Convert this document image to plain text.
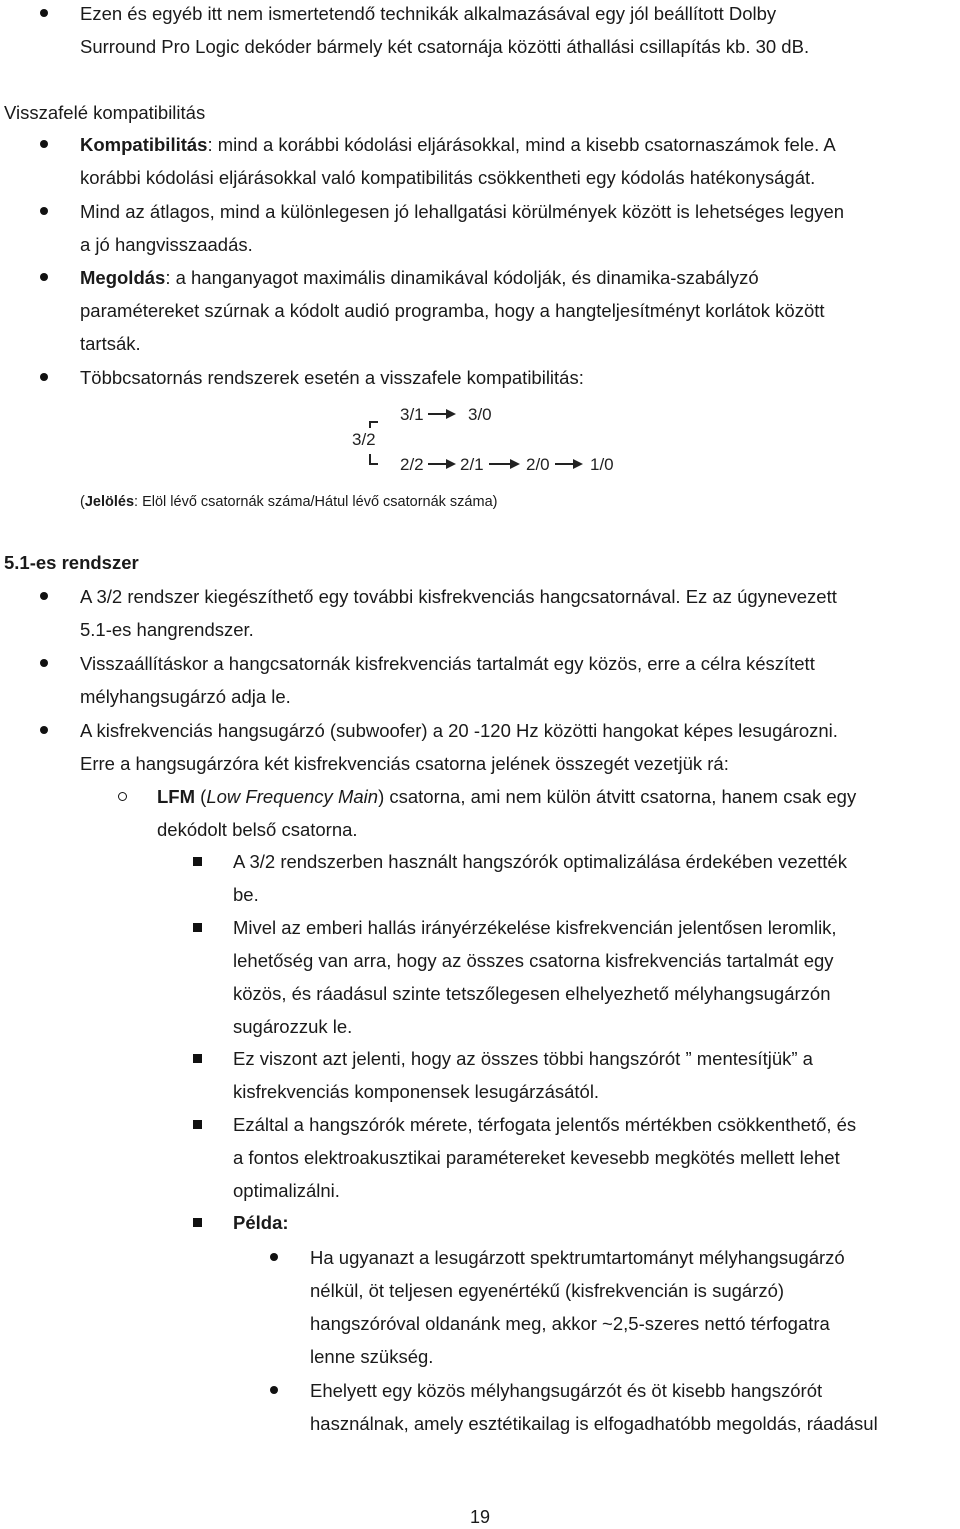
Ezen és egyéb itt nem ismertetendő technikák alkalmazásával egy jól beállított Dolby
Surround Pro Logic dekóder bármely két csatornája közötti áthallási csillapítás kb. 30 dB.
Visszafelé kompatibilitás
Kompatibilitás: mind a korábbi kódolási eljárásokkal, mind a kisebb csatornaszámok fele. A
korábbi kódolási eljárásokkal való kompatibilitás csökkentheti egy kódolás hatékonyságát.
Mind az átlagos, mind a különlegesen jó lehallgatási körülmények között is lehetséges legyen
a jó hangvisszaadás.
Megoldás: a hanganyagot maximális dinamikával kódolják, és dinamika-szabályzó
paramétereket szúrnak a kódolt audió programba, hogy a hangteljesítményt korlátok között
tartsák.
Többcsatornás rendszerek esetén a visszafele kompatibilitás:
3/2
3/1	3/0
2/2 2/1 2/0 1/0
(Jelölés: Elöl lévő csatornák száma/Hátul lévő csatornák száma)
5.1-es rendszer
A 3/2 rendszer kiegészíthető egy további kisfrekvenciás hangcsatornával. Ez az úgynevezett
5.1-es hangrendszer.
Visszaállításkor a hangcsatornák kisfrekvenciás tartalmát egy közös, erre a célra készített
mélyhangsugárzó adja le.
A kisfrekvenciás hangsugárzó (subwoofer) a 20 -120 Hz közötti hangokat képes lesugározni.
Erre a hangsugárzóra két kisfrekvenciás csatorna jelének összegét vezetjük rá:
LFM (Low Frequency Main) csatorna, ami nem külön átvitt csatorna, hanem csak egy
dekódolt belső csatorna.
A 3/2 rendszerben használt hangszórók optimalizálása érdekében vezették
be.
Mivel az emberi hallás irányérzékelése kisfrekvencián jelentősen leromlik,
lehetőség van arra, hogy az összes csatorna kisfrekvenciás tartalmát egy
közös, és ráadásul szinte tetszőlegesen elhelyezhető mélyhangsugárzón
sugározzuk le.
Ez viszont azt jelenti, hogy az összes többi hangszórót ” mentesítjük” a
kisfrekvenciás komponensek lesugárzásától.
Ezáltal a hangszórók mérete, térfogata jelentős mértékben csökkenthető, és
a fontos elektroakusztikai paramétereket kevesebb megkötés mellett lehet
optimalizálni.
Példa:
Ha ugyanazt a lesugárzott spektrumtartományt mélyhangsugárzó
nélkül, öt teljesen egyenértékű (kisfrekvencián is sugárzó)
hangszóróval oldanánk meg, akkor ~2,5-szeres nettó térfogatra
lenne szükség.
Ehelyett egy közös mélyhangsugárzót és öt kisebb hangszórót
használnak, amely esztétikailag is elfogadhatóbb megoldás, ráadásul
19
